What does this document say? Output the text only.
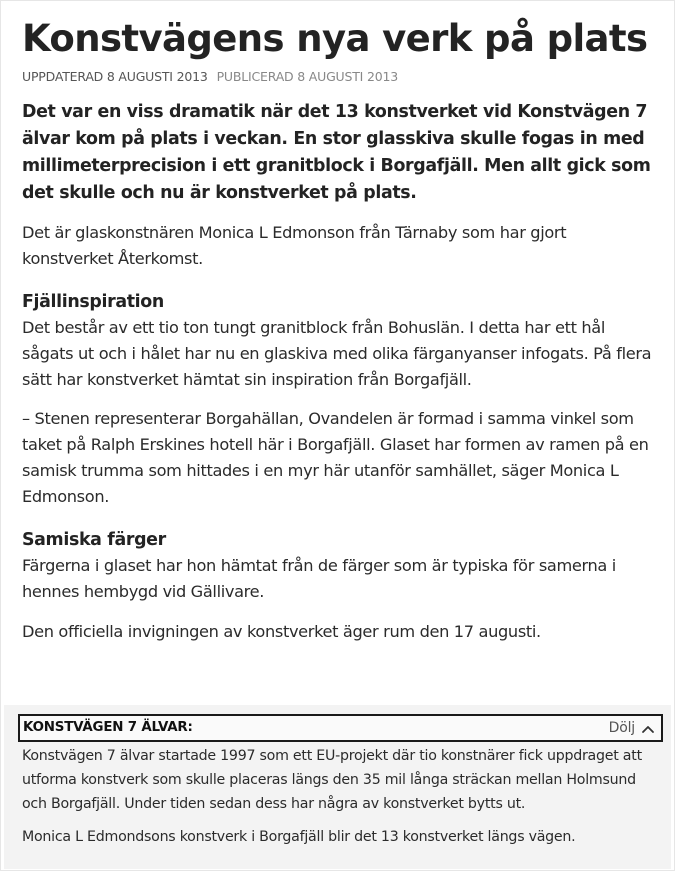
Konstvägens nya verk på plats
UPPDATERAD 8 AUGUSTI 2013 PUBLICERAD 8 AUGUSTI 2013

Det var en viss dramatik när det 13 konstverket vid Konstvägen 7 älvar kom på plats i veckan. En stor glasskiva skulle fogas in med millimeterprecision i ett granitblock i Borgafjäll. Men allt gick som det skulle och nu är konstverket på plats.

Det är glaskonstnären Monica L Edmonson från Tärnaby som har gjort konstverket Återkomst.

Fjällinspiration

Det består av ett tio ton tungt granitblock från Bohuslän. I detta har ett hål sågats ut och i hålet har nu en glaskiva med olika färganyanser infogats. På flera sätt har konstverket hämtat sin inspiration från Borgafjäll.

– Stenen representerar Borgahällan, Ovandelen är formad i samma vinkel som taket på Ralph Erskines hotell här i Borgafjäll. Glaset har formen av ramen på en samisk trumma som hittades i en myr här utanför samhället, säger Monica L Edmonson.

Samiska färger

Färgerna i glaset har hon hämtat från de färger som är typiska för samerna i hennes hembygd vid Gällivare.

Den officiella invigningen av konstverket äger rum den 17 augusti.

KONSTVÄGEN 7 ÄLVAR:	Dölj

Konstvägen 7 älvar startade 1997 som ett EU-projekt där tio konstnärer fick uppdraget att utforma konstverk som skulle placeras längs den 35 mil långa sträckan mellan Holmsund och Borgafjäll. Under tiden sedan dess har några av konstverket bytts ut.

Monica L Edmondsons konstverk i Borgafjäll blir det 13 konstverket längs vägen.
